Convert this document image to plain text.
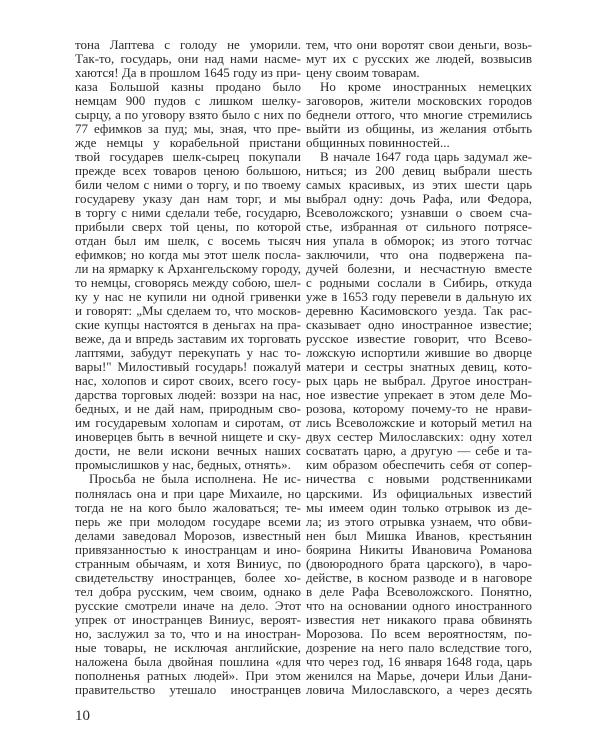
тона Лаптева с голоду не уморили.
Так-то, государь, они над нами насме-
хаются! Да в прошлом 1645 году из при-
каза Большой казны продано было
немцам 900 пудов с лишком шелку-
сырцу, а по уговору взято было с них по
77 ефимков за пуд; мы, зная, что пре-
жде немцы у корабельной пристани
твой государев шелк-сырец покупали
прежде всех товаров ценою большою,
били челом с ними о торгу, и по твоему
государеву указу дан нам торг, и мы
в торгу с ними сделали тебе, государю,
прибыли сверх той цены, по которой
отдан был им шелк, с восемь тысяч
ефимков; но когда мы этот шелк посла-
ли на ярмарку к Архангельскому городу,
то немцы, сговорясь между собою, шел-
ку у нас не купили ни одной гривенки
и говорят: „Мы сделаем то, что москов-
ские купцы настоятся в деньгах на пра-
веже, да и впредь заставим их торговать
лаптями, забудут перекупать у нас то-
вары!" Милостивый государь! пожалуй
нас, холопов и сирот своих, всего госу-
дарства торговых людей: воззри на нас,
бедных, и не дай нам, природным сво-
им государевым холопам и сиротам, от
иноверцев быть в вечной нищете и ску-
дости, не вели искони вечных наших
промыслишков у нас, бедных, отнять».
Просьба не была исполнена. Не ис-
полнялась она и при царе Михаиле, но
тогда не на кого было жаловаться; те-
перь же при молодом государе всеми
делами заведовал Морозов, известный
привязанностью к иностранцам и ино-
странным обычаям, и хотя Виниус, по
свидетельству иностранцев, более хо-
тел добра русским, чем своим, однако
русские смотрели иначе на дело. Этот
упрек от иностранцев Виниус, вероят-
но, заслужил за то, что и на иностран-
ные товары, не исключая английские,
наложена была двойная пошлина «для
пополненья ратных людей». При этом
правительство утешало иностранцев
тем, что они воротят свои деньги, возь-
мут их с русских же людей, возвысив
цену своим товарам.
Но кроме иностранных немецких
заговоров, жители московских городов
беднели оттого, что многие стремились
выйти из общины, из желания отбыть
общинных повинностей...
В начале 1647 года царь задумал же-
ниться; из 200 девиц выбрали шесть
самых красивых, из этих шести царь
выбрал одну: дочь Рафа, или Федора,
Всеволожского; узнавши о своем сча-
стье, избранная от сильного потрясе-
ния упала в обморок; из этого тотчас
заключили, что она подвержена па-
дучей болезни, и несчастную вместе
с родными сослали в Сибирь, откуда
уже в 1653 году перевели в дальную их
деревню Касимовского уезда. Так рас-
сказывает одно иностранное известие;
русское известие говорит, что Всево-
ложскую испортили жившие во дворце
матери и сестры знатных девиц, кото-
рых царь не выбрал. Другое иностран-
ное известие упрекает в этом деле Мо-
розова, которому почему-то не нрави-
лись Всеволожские и который метил на
двух сестер Милославских: одну хотел
сосватать царю, а другую — себе и та-
ким образом обеспечить себя от сопер-
ничества с новыми родственниками
царскими. Из официальных известий
мы имеем один только отрывок из де-
ла; из этого отрывка узнаем, что обви-
нен был Мишка Иванов, крестьянин
боярина Никиты Ивановича Романова
(двоюродного брата царского), в чаро-
действе, в косном разводе и в наговоре
в деле Рафа Всеволожского. Понятно,
что на основании одного иностранного
известия нет никакого права обвинять
Морозова. По всем вероятностям, по-
дозрение на него пало вследствие того,
что через год, 16 января 1648 года, царь
женился на Марье, дочери Ильи Дани-
ловича Милославского, а через десять
10
